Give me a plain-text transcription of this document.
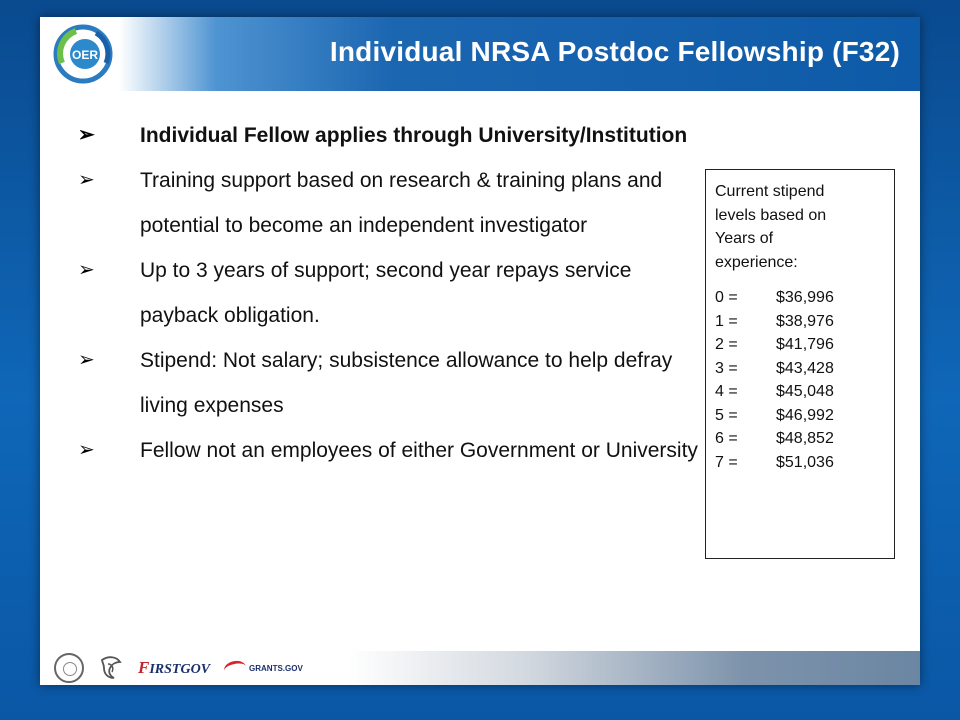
OER	Individual NRSA Postdoc Fellowship (F32)
➢ Individual Fellow applies through University/Institution
➢ Training support based on research & training plans and potential to become an independent investigator
➢ Up to 3 years of support; second year repays service payback obligation.
➢ Stipend: Not salary; subsistence allowance to help defray living expenses
➢ Fellow not an employees of either Government or University
Current stipend
levels based on
Years of
experience:
0 =	$36,996
1 =	$38,976
2 =	$41,796
3 =	$43,428
4 =	$45,048
5 =	$46,992
6 =	$48,852
7 =	$51,036
FIRSTGOV	GRANTS.GOV
